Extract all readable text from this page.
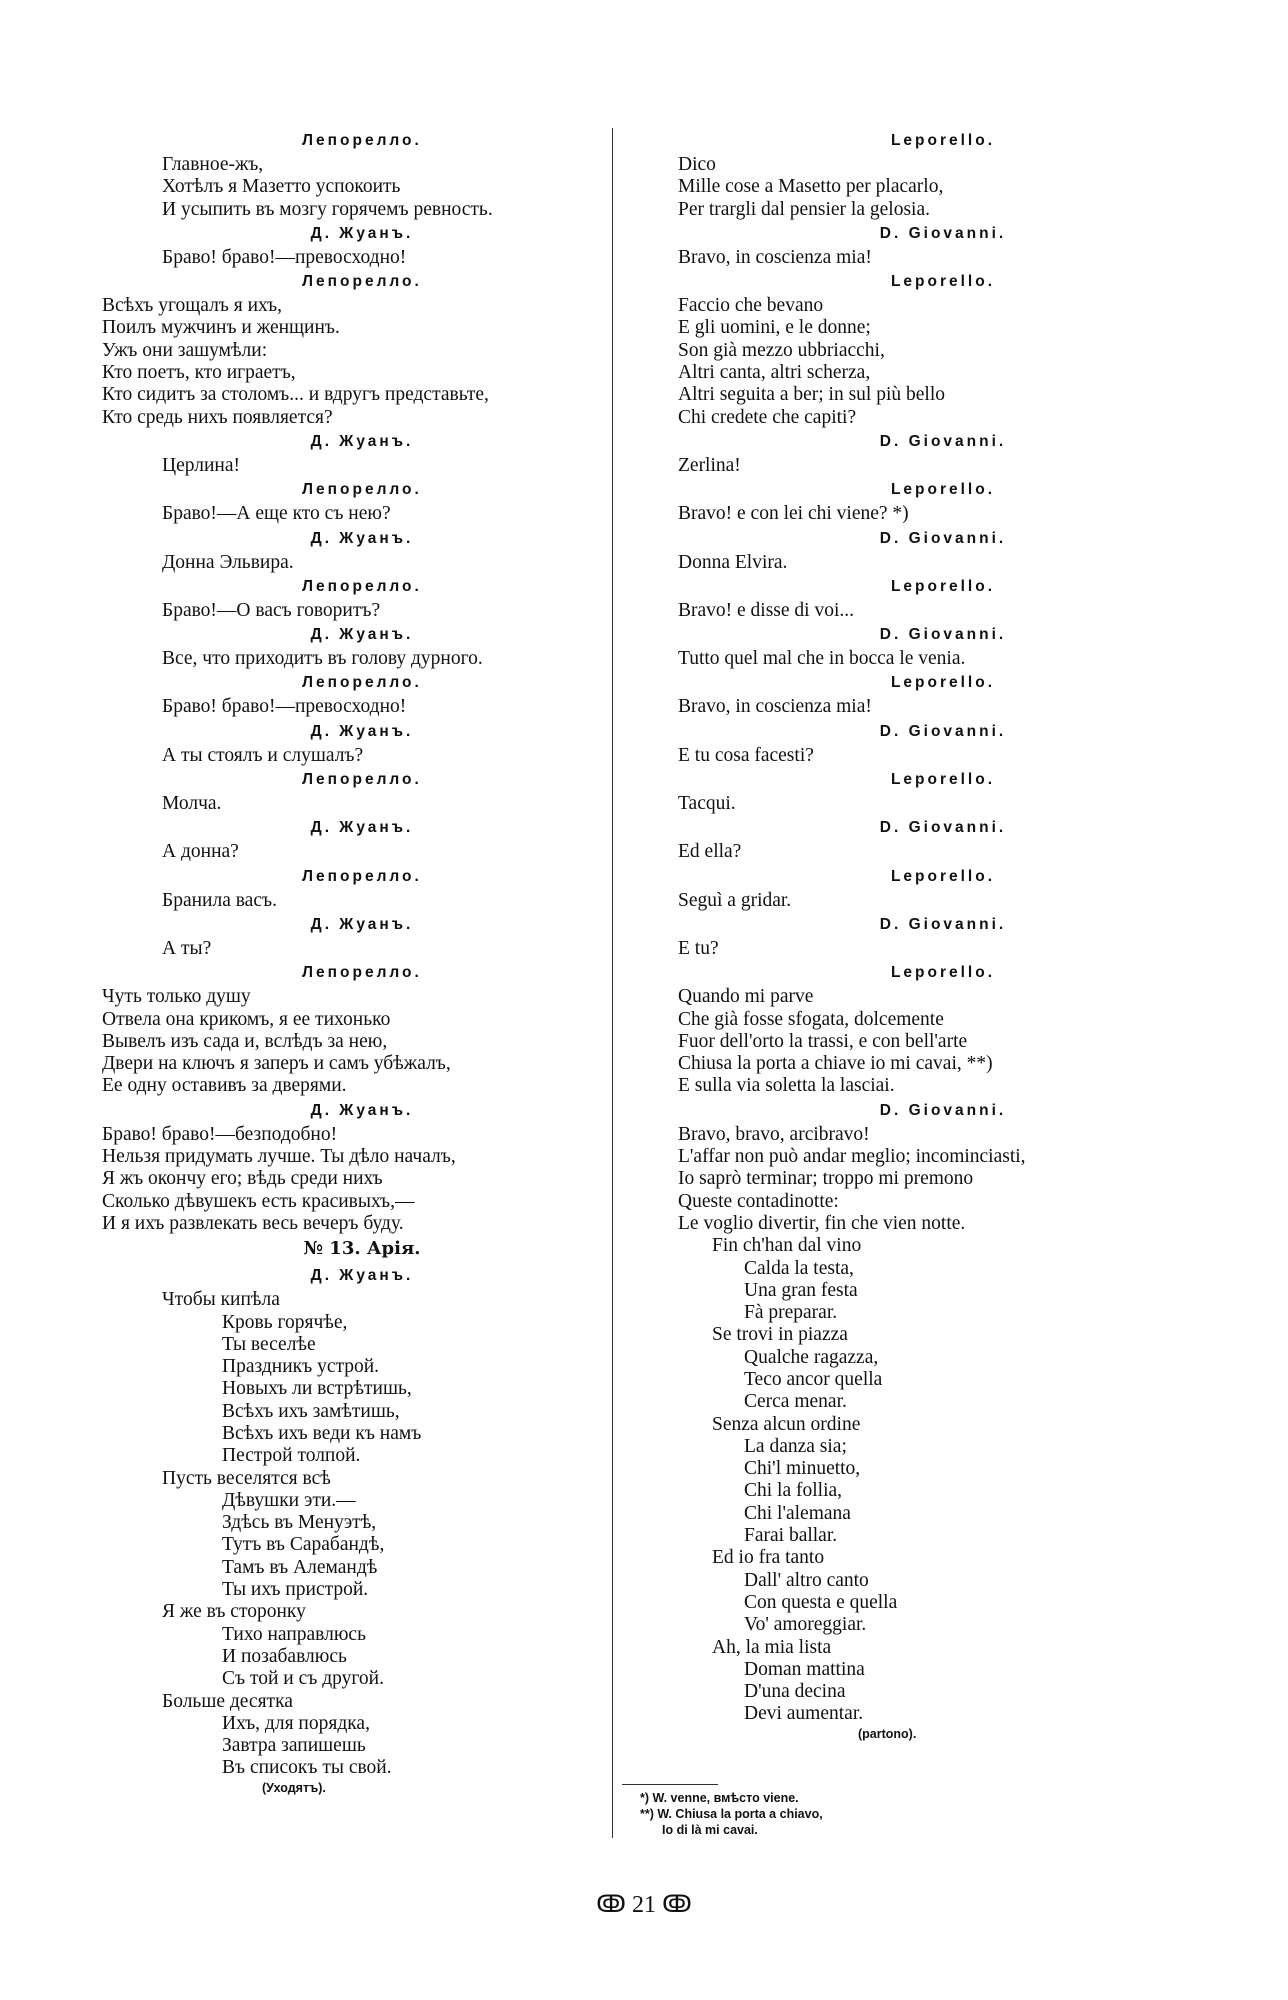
Лепорелло.
Главное-жъ,
Хотѣлъ я Мазетто успокоить
И усыпить въ мозгу горячемъ ревность.
Д. Жуанъ.
Браво! браво!—превосходно!
Лепорелло.
Всѣхъ угощалъ я ихъ,
Поилъ мужчинъ и женщинъ.
Ужъ они зашумѣли:
Кто поетъ, кто играетъ,
Кто сидитъ за столомъ... и вдругъ представьте,
Кто средь нихъ появляется?
Д. Жуанъ.
Церлина!
Лепорелло.
Браво!—А еще кто съ нею?
Д. Жуанъ.
Донна Эльвира.
Лепорелло.
Браво!—О васъ говоритъ?
Д. Жуанъ.
Все, что приходитъ въ голову дурного.
Лепорелло.
Браво! браво!—превосходно!
Д. Жуанъ.
А ты стоялъ и слушалъ?
Лепорелло.
Молча.
Д. Жуанъ.
А донна?
Лепорелло.
Бранила васъ.
Д. Жуанъ.
А ты?
Лепорелло.
Чуть только душу
Отвела она крикомъ, я ее тихонько
Вывелъ изъ сада и, вслѣдъ за нею,
Двери на ключъ я заперъ и самъ убѣжалъ,
Ее одну оставивъ за дверями.
Д. Жуанъ.
Браво! браво!—безподобно!
Нельзя придумать лучше. Ты дѣло началъ,
Я жъ окончу его; вѣдь среди нихъ
Сколько дѣвушекъ есть красивыхъ,—
И я ихъ развлекать весь вечеръ буду.
№ 13. Арія.
Д. Жуанъ.
Чтобы кипѣла
Кровь горячѣе,
Ты веселѣе
Праздникъ устрой.
Новыхъ ли встрѣтишь,
Всѣхъ ихъ замѣтишь,
Всѣхъ ихъ веди къ намъ
Пестрой толпой.
Пусть веселятся всѣ
Дѣвушки эти.—
Здѣсь въ Менуэтѣ,
Тутъ въ Сарабандѣ,
Тамъ въ Алемандѣ
Ты ихъ пристрой.
Я же въ сторонку
Тихо направлюсь
И позабавлюсь
Съ той и съ другой.
Больше десятка
Ихъ, для порядка,
Завтра запишешь
Въ списокъ ты свой.
(Уходятъ).
Leporello.
Dico
Mille cose a Masetto per placarlo,
Per trargli dal pensier la gelosia.
D. Giovanni.
Bravo, in coscienza mia!
Leporello.
Faccio che bevano
E gli uomini, e le donne;
Son già mezzo ubbriacchi,
Altri canta, altri scherza,
Altri seguita a ber; in sul più bello
Chi credete che capiti?
D. Giovanni.
Zerlina!
Leporello.
Bravo! e con lei chi viene? *)
D. Giovanni.
Donna Elvira.
Leporello.
Bravo! e disse di voi...
D. Giovanni.
Tutto quel mal che in bocca le venia.
Leporello.
Bravo, in coscienza mia!
D. Giovanni.
E tu cosa facesti?
Leporello.
Tacqui.
D. Giovanni.
Ed ella?
Leporello.
Seguì a gridar.
D. Giovanni.
E tu?
Leporello.
Quando mi parve
Che già fosse sfogata, dolcemente
Fuor dell'orto la trassi, e con bell'arte
Chiusa la porta a chiave io mi cavai, **)
E sulla via soletta la lasciai.
D. Giovanni.
Bravo, bravo, arcibravo!
L'affar non può andar meglio; incominciasti,
Io saprò terminar; troppo mi premono
Queste contadinotte:
Le voglio divertir, fin che vien notte.
Fin ch'han dal vino
Calda la testa,
Una gran festa
Fà preparar.
Se trovi in piazza
Qualche ragazza,
Teco ancor quella
Cerca menar.
Senza alcun ordine
La danza sia;
Chi'l minuetto,
Chi la follia,
Chi l'alemana
Farai ballar.
Ed io fra tanto
Dall' altro canto
Con questa e quella
Vo' amoreggiar.
Ah, la mia lista
Doman mattina
D'una decina
Devi aumentar.
(partono).
*) W. venne, вмѣсто viene.
**) W. Chiusa la porta a chiavo,
Io di là mi cavai.
ↂ 21 ↂ
